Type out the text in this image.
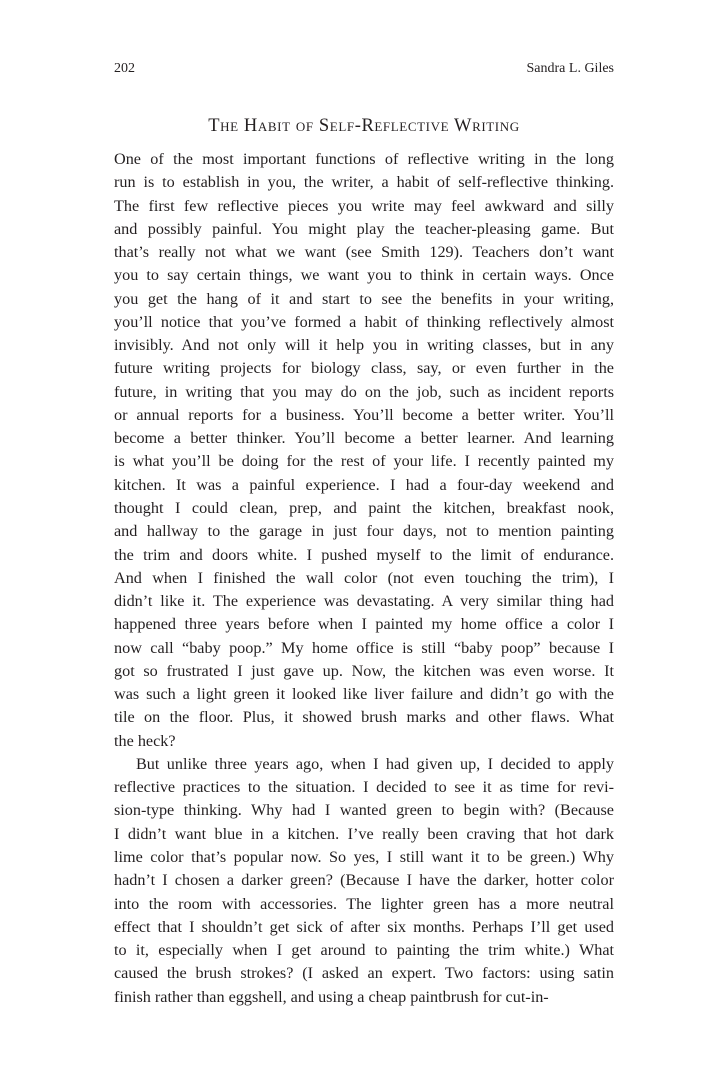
202	Sandra L. Giles
The Habit of Self-Reflective Writing

One of the most important functions of reflective writing in the long
run is to establish in you, the writer, a habit of self-reflective thinking.
The first few reflective pieces you write may feel awkward and silly
and possibly painful. You might play the teacher-pleasing game. But
that’s really not what we want (see Smith 129). Teachers don’t want
you to say certain things, we want you to think in certain ways. Once
you get the hang of it and start to see the benefits in your writing,
you’ll notice that you’ve formed a habit of thinking reflectively almost
invisibly. And not only will it help you in writing classes, but in any
future writing projects for biology class, say, or even further in the
future, in writing that you may do on the job, such as incident reports
or annual reports for a business. You’ll become a better writer. You’ll
become a better thinker. You’ll become a better learner. And learning
is what you’ll be doing for the rest of your life. I recently painted my
kitchen. It was a painful experience. I had a four-day weekend and
thought I could clean, prep, and paint the kitchen, breakfast nook,
and hallway to the garage in just four days, not to mention painting
the trim and doors white. I pushed myself to the limit of endurance.
And when I finished the wall color (not even touching the trim), I
didn’t like it. The experience was devastating. A very similar thing had
happened three years before when I painted my home office a color I
now call “baby poop.” My home office is still “baby poop” because I
got so frustrated I just gave up. Now, the kitchen was even worse. It
was such a light green it looked like liver failure and didn’t go with the
tile on the floor. Plus, it showed brush marks and other flaws. What
the heck?

But unlike three years ago, when I had given up, I decided to apply
reflective practices to the situation. I decided to see it as time for revi-
sion-type thinking. Why had I wanted green to begin with? (Because
I didn’t want blue in a kitchen. I’ve really been craving that hot dark
lime color that’s popular now. So yes, I still want it to be green.) Why
hadn’t I chosen a darker green? (Because I have the darker, hotter color
into the room with accessories. The lighter green has a more neutral
effect that I shouldn’t get sick of after six months. Perhaps I’ll get used
to it, especially when I get around to painting the trim white.) What
caused the brush strokes? (I asked an expert. Two factors: using satin
finish rather than eggshell, and using a cheap paintbrush for cut-in-
